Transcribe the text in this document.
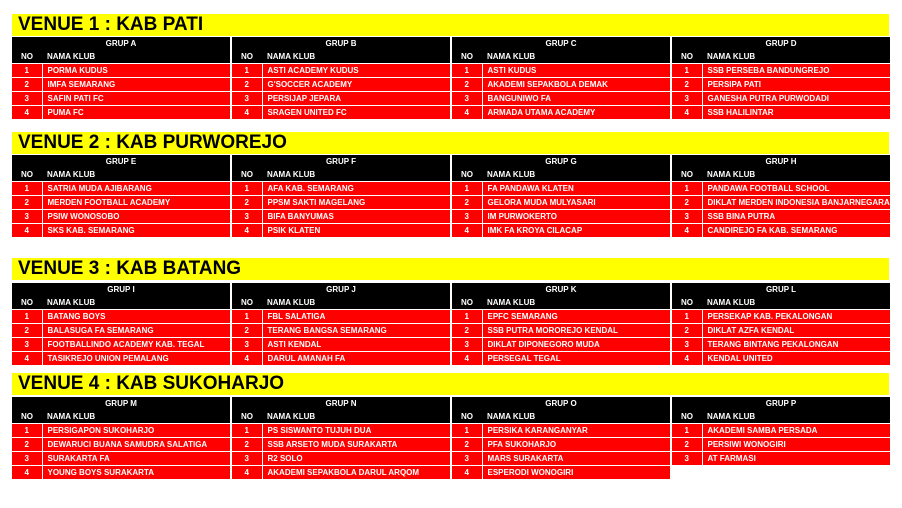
VENUE 1 : KAB PATI
GRUP A	
NO	NAMA KLUB
1	PORMA KUDUS
2	IMFA SEMARANG
3	SAFIN PATI FC
4	PUMA FC
GRUP B	
NO	NAMA KLUB
1	ASTI ACADEMY KUDUS
2	G'SOCCER ACADEMY
3	PERSIJAP JEPARA
4	SRAGEN UNITED FC
GRUP C	
NO	NAMA KLUB
1	ASTI KUDUS
2	AKADEMI SEPAKBOLA DEMAK
3	BANGUNIWO FA
4	ARMADA UTAMA ACADEMY
GRUP D	
NO	NAMA KLUB
1	SSB PERSEBA BANDUNGREJO
2	PERSIPA PATI
3	GANESHA PUTRA PURWODADI
4	SSB HALILINTAR
VENUE 2 : KAB PURWOREJO
GRUP E	
NO	NAMA KLUB
1	SATRIA MUDA AJIBARANG
2	MERDEN FOOTBALL ACADEMY
3	PSIW WONOSOBO
4	SKS KAB. SEMARANG
GRUP F	
NO	NAMA KLUB
1	AFA KAB. SEMARANG
2	PPSM SAKTI MAGELANG
3	BIFA BANYUMAS
4	PSIK KLATEN
GRUP G	
NO	NAMA KLUB
1	FA PANDAWA KLATEN
2	GELORA MUDA MULYASARI
3	IM PURWOKERTO
4	IMK FA KROYA CILACAP
GRUP H	
NO	NAMA KLUB
1	PANDAWA FOOTBALL SCHOOL
2	DIKLAT MERDEN INDONESIA BANJARNEGARA
3	SSB BINA PUTRA
4	CANDIREJO FA KAB. SEMARANG
VENUE 3 : KAB BATANG
GRUP I	
NO	NAMA KLUB
1	BATANG BOYS
2	BALASUGA FA SEMARANG
3	FOOTBALLINDO ACADEMY KAB. TEGAL
4	TASIKREJO UNION PEMALANG
GRUP J	
NO	NAMA KLUB
1	FBL SALATIGA
2	TERANG BANGSA SEMARANG
3	ASTI KENDAL
4	DARUL AMANAH FA
GRUP K	
NO	NAMA KLUB
1	EPFC SEMARANG
2	SSB PUTRA MOROREJO KENDAL
3	DIKLAT DIPONEGORO MUDA
4	PERSEGAL TEGAL
GRUP L	
NO	NAMA KLUB
1	PERSEKAP KAB. PEKALONGAN
2	DIKLAT AZFA KENDAL
3	TERANG BINTANG PEKALONGAN
4	KENDAL UNITED
VENUE 4 : KAB SUKOHARJO
GRUP M	
NO	NAMA KLUB
1	PERSIGAPON SUKOHARJO
2	DEWARUCI BUANA SAMUDRA SALATIGA
3	SURAKARTA FA
4	YOUNG BOYS SURAKARTA
GRUP N	
NO	NAMA KLUB
1	PS SISWANTO TUJUH DUA
2	SSB ARSETO MUDA SURAKARTA
3	R2 SOLO
4	AKADEMI SEPAKBOLA DARUL ARQOM
GRUP O	
NO	NAMA KLUB
1	PERSIKA KARANGANYAR
2	PFA SUKOHARJO
3	MARS SURAKARTA
4	ESPERODI WONOGIRI
GRUP P	
NO	NAMA KLUB
1	AKADEMI SAMBA PERSADA
2	PERSIWI WONOGIRI
3	AT FARMASI
